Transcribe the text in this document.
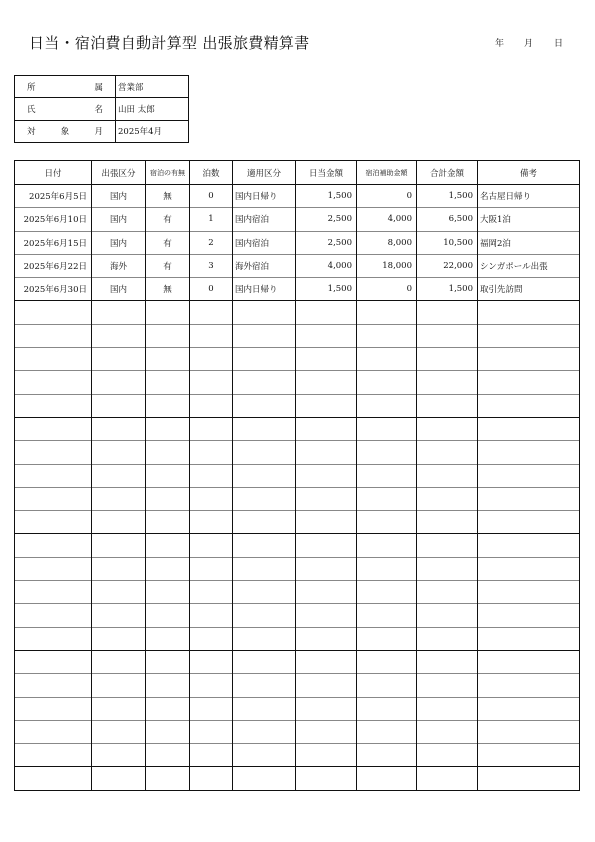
日当・宿泊費自動計算型 出張旅費精算書	年 月 日
所属	営業部
氏名	山田 太郎
対象月	2025年4月
日付	出張区分	宿泊の有無	泊数	適用区分	日当金額	宿泊補助金額	合計金額	備考
2025年6月5日	国内	無	0	国内日帰り	1,500	0	1,500	名古屋日帰り
2025年6月10日	国内	有	1	国内宿泊	2,500	4,000	6,500	大阪1泊
2025年6月15日	国内	有	2	国内宿泊	2,500	8,000	10,500	福岡2泊
2025年6月22日	海外	有	3	海外宿泊	4,000	18,000	22,000	シンガポール出張
2025年6月30日	国内	無	0	国内日帰り	1,500	0	1,500	取引先訪問
